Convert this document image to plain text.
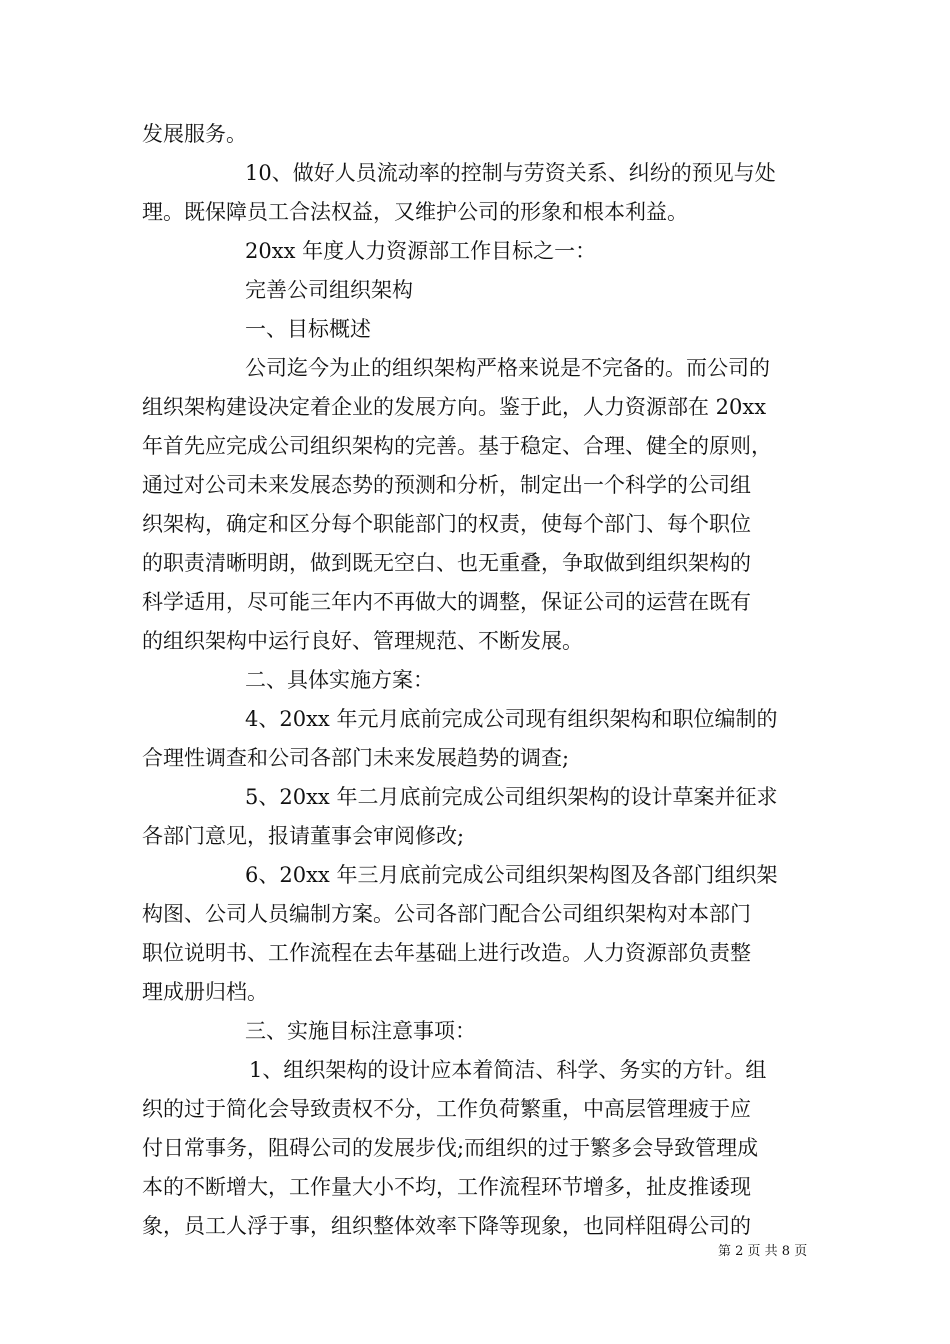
发展服务。
10、做好人员流动率的控制与劳资关系、纠纷的预见与处
理。既保障员工合法权益，又维护公司的形象和根本利益。
20xx 年度人力资源部工作目标之一：
完善公司组织架构
一、目标概述
公司迄今为止的组织架构严格来说是不完备的。而公司的
组织架构建设决定着企业的发展方向。鉴于此，人力资源部在 20xx
年首先应完成公司组织架构的完善。基于稳定、合理、健全的原则，
通过对公司未来发展态势的预测和分析，制定出一个科学的公司组
织架构，确定和区分每个职能部门的权责，使每个部门、每个职位
的职责清晰明朗，做到既无空白、也无重叠，争取做到组织架构的
科学适用，尽可能三年内不再做大的调整，保证公司的运营在既有
的组织架构中运行良好、管理规范、不断发展。
二、具体实施方案：
4、20xx 年元月底前完成公司现有组织架构和职位编制的
合理性调查和公司各部门未来发展趋势的调查;
5、20xx 年二月底前完成公司组织架构的设计草案并征求
各部门意见，报请董事会审阅修改;
6、20xx 年三月底前完成公司组织架构图及各部门组织架
构图、公司人员编制方案。公司各部门配合公司组织架构对本部门
职位说明书、工作流程在去年基础上进行改造。人力资源部负责整
理成册归档。
三、实施目标注意事项：
1、组织架构的设计应本着简洁、科学、务实的方针。组
织的过于简化会导致责权不分，工作负荷繁重，中高层管理疲于应
付日常事务，阻碍公司的发展步伐;而组织的过于繁多会导致管理成
本的不断增大，工作量大小不均，工作流程环节增多，扯皮推诿现
象，员工人浮于事，组织整体效率下降等现象，也同样阻碍公司的
第 2 页 共 8 页
